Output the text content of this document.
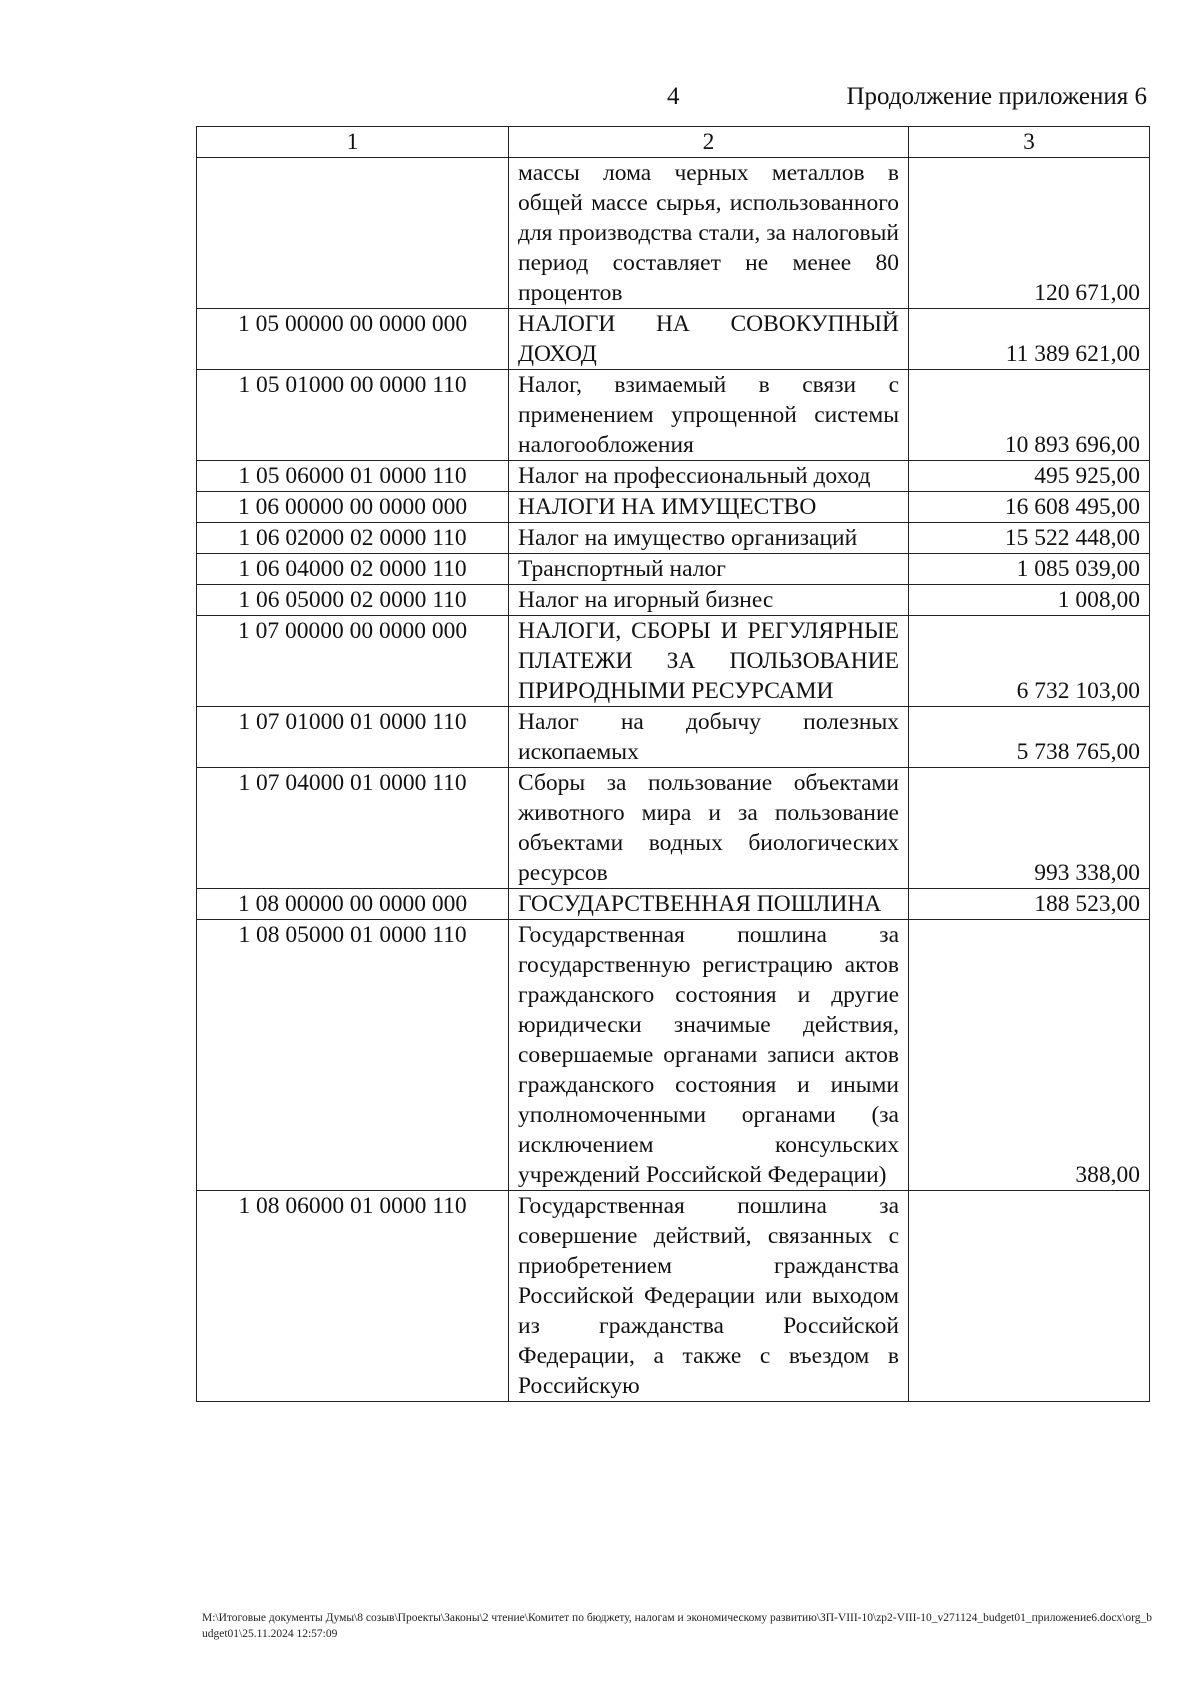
4	Продолжение приложения 6
1	2	3
	массы лома черных металлов в общей массе сырья, использованного для производства стали, за налоговый период составляет не менее 80 процентов	120 671,00
1 05 00000 00 0000 000	НАЛОГИ НА СОВОКУПНЫЙ ДОХОД	11 389 621,00
1 05 01000 00 0000 110	Налог, взимаемый в связи с применением упрощенной системы налогообложения	10 893 696,00
1 05 06000 01 0000 110	Налог на профессиональный доход	495 925,00
1 06 00000 00 0000 000	НАЛОГИ НА ИМУЩЕСТВО	16 608 495,00
1 06 02000 02 0000 110	Налог на имущество организаций	15 522 448,00
1 06 04000 02 0000 110	Транспортный налог	1 085 039,00
1 06 05000 02 0000 110	Налог на игорный бизнес	1 008,00
1 07 00000 00 0000 000	НАЛОГИ, СБОРЫ И РЕГУЛЯРНЫЕ ПЛАТЕЖИ ЗА ПОЛЬЗОВАНИЕ ПРИРОДНЫМИ РЕСУРСАМИ	6 732 103,00
1 07 01000 01 0000 110	Налог на добычу полезных ископаемых	5 738 765,00
1 07 04000 01 0000 110	Сборы за пользование объектами животного мира и за пользование объектами водных биологических ресурсов	993 338,00
1 08 00000 00 0000 000	ГОСУДАРСТВЕННАЯ ПОШЛИНА	188 523,00
1 08 05000 01 0000 110	Государственная пошлина за государственную регистрацию актов гражданского состояния и другие юридически значимые действия, совершаемые органами записи актов гражданского состояния и иными уполномоченными органами (за исключением консульских учреждений Российской Федерации)	388,00
1 08 06000 01 0000 110	Государственная пошлина за совершение действий, связанных с приобретением гражданства Российской Федерации или выходом из гражданства Российской Федерации, а также с въездом в Российскую	
M:\Итоговые документы Думы\8 созыв\Проекты\Законы\2 чтение\Комитет по бюджету, налогам и экономическому развитию\ЗП-VIII-10\zp2-VIII-10_v271124_budget01_приложение6.docx\org_budget01\25.11.2024 12:57:09
